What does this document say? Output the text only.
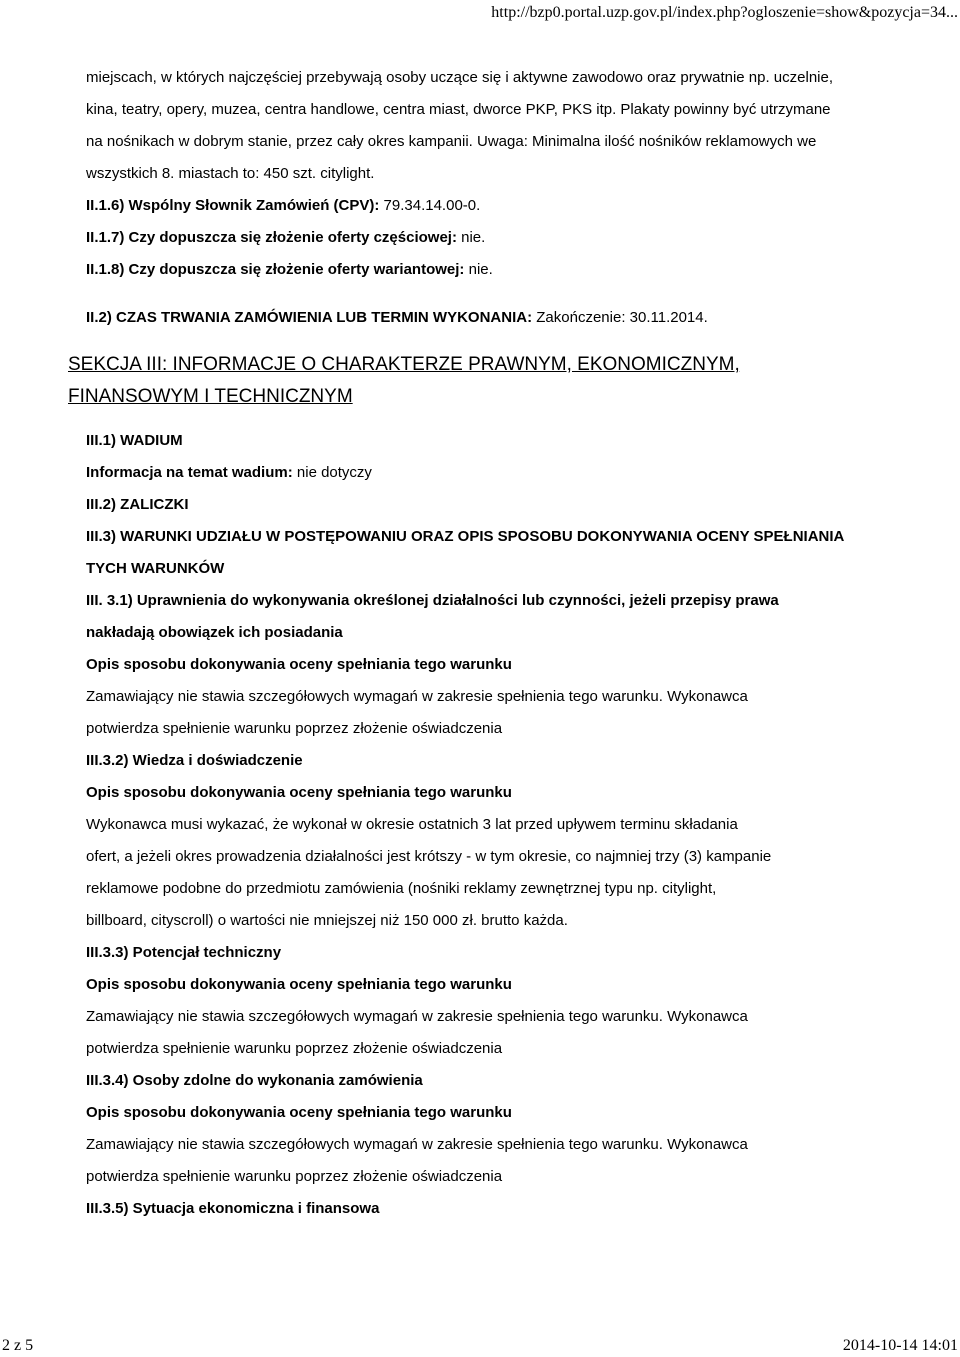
http://bzp0.portal.uzp.gov.pl/index.php?ogloszenie=show&pozycja=34...

miejscach, w których najczęściej przebywają osoby uczące się i aktywne zawodowo oraz prywatnie np. uczelnie,

kina, teatry, opery, muzea, centra handlowe, centra miast, dworce PKP, PKS itp. Plakaty powinny być utrzymane

na nośnikach w dobrym stanie, przez cały okres kampanii. Uwaga: Minimalna ilość nośników reklamowych we

wszystkich 8. miastach to: 450 szt. citylight.

II.1.6) Wspólny Słownik Zamówień (CPV): 79.34.14.00-0.

II.1.7) Czy dopuszcza się złożenie oferty częściowej: nie.

II.1.8) Czy dopuszcza się złożenie oferty wariantowej: nie.

II.2) CZAS TRWANIA ZAMÓWIENIA LUB TERMIN WYKONANIA: Zakończenie: 30.11.2014.

SEKCJA III: INFORMACJE O CHARAKTERZE PRAWNYM, EKONOMICZNYM,
FINANSOWYM I TECHNICZNYM

III.1) WADIUM

Informacja na temat wadium: nie dotyczy

III.2) ZALICZKI

III.3) WARUNKI UDZIAŁU W POSTĘPOWANIU ORAZ OPIS SPOSOBU DOKONYWANIA OCENY SPEŁNIANIA

TYCH WARUNKÓW

III. 3.1) Uprawnienia do wykonywania określonej działalności lub czynności, jeżeli przepisy prawa

nakładają obowiązek ich posiadania

Opis sposobu dokonywania oceny spełniania tego warunku

Zamawiający nie stawia szczegółowych wymagań w zakresie spełnienia tego warunku. Wykonawca

potwierdza spełnienie warunku poprzez złożenie oświadczenia

III.3.2) Wiedza i doświadczenie

Opis sposobu dokonywania oceny spełniania tego warunku

Wykonawca musi wykazać, że wykonał w okresie ostatnich 3 lat przed upływem terminu składania

ofert, a jeżeli okres prowadzenia działalności jest krótszy - w tym okresie, co najmniej trzy (3) kampanie

reklamowe podobne do przedmiotu zamówienia (nośniki reklamy zewnętrznej typu np. citylight,

billboard, cityscroll) o wartości nie mniejszej niż 150 000 zł. brutto każda.

III.3.3) Potencjał techniczny

Opis sposobu dokonywania oceny spełniania tego warunku

Zamawiający nie stawia szczegółowych wymagań w zakresie spełnienia tego warunku. Wykonawca

potwierdza spełnienie warunku poprzez złożenie oświadczenia

III.3.4) Osoby zdolne do wykonania zamówienia

Opis sposobu dokonywania oceny spełniania tego warunku

Zamawiający nie stawia szczegółowych wymagań w zakresie spełnienia tego warunku. Wykonawca

potwierdza spełnienie warunku poprzez złożenie oświadczenia

III.3.5) Sytuacja ekonomiczna i finansowa

2 z 5	2014-10-14 14:01
